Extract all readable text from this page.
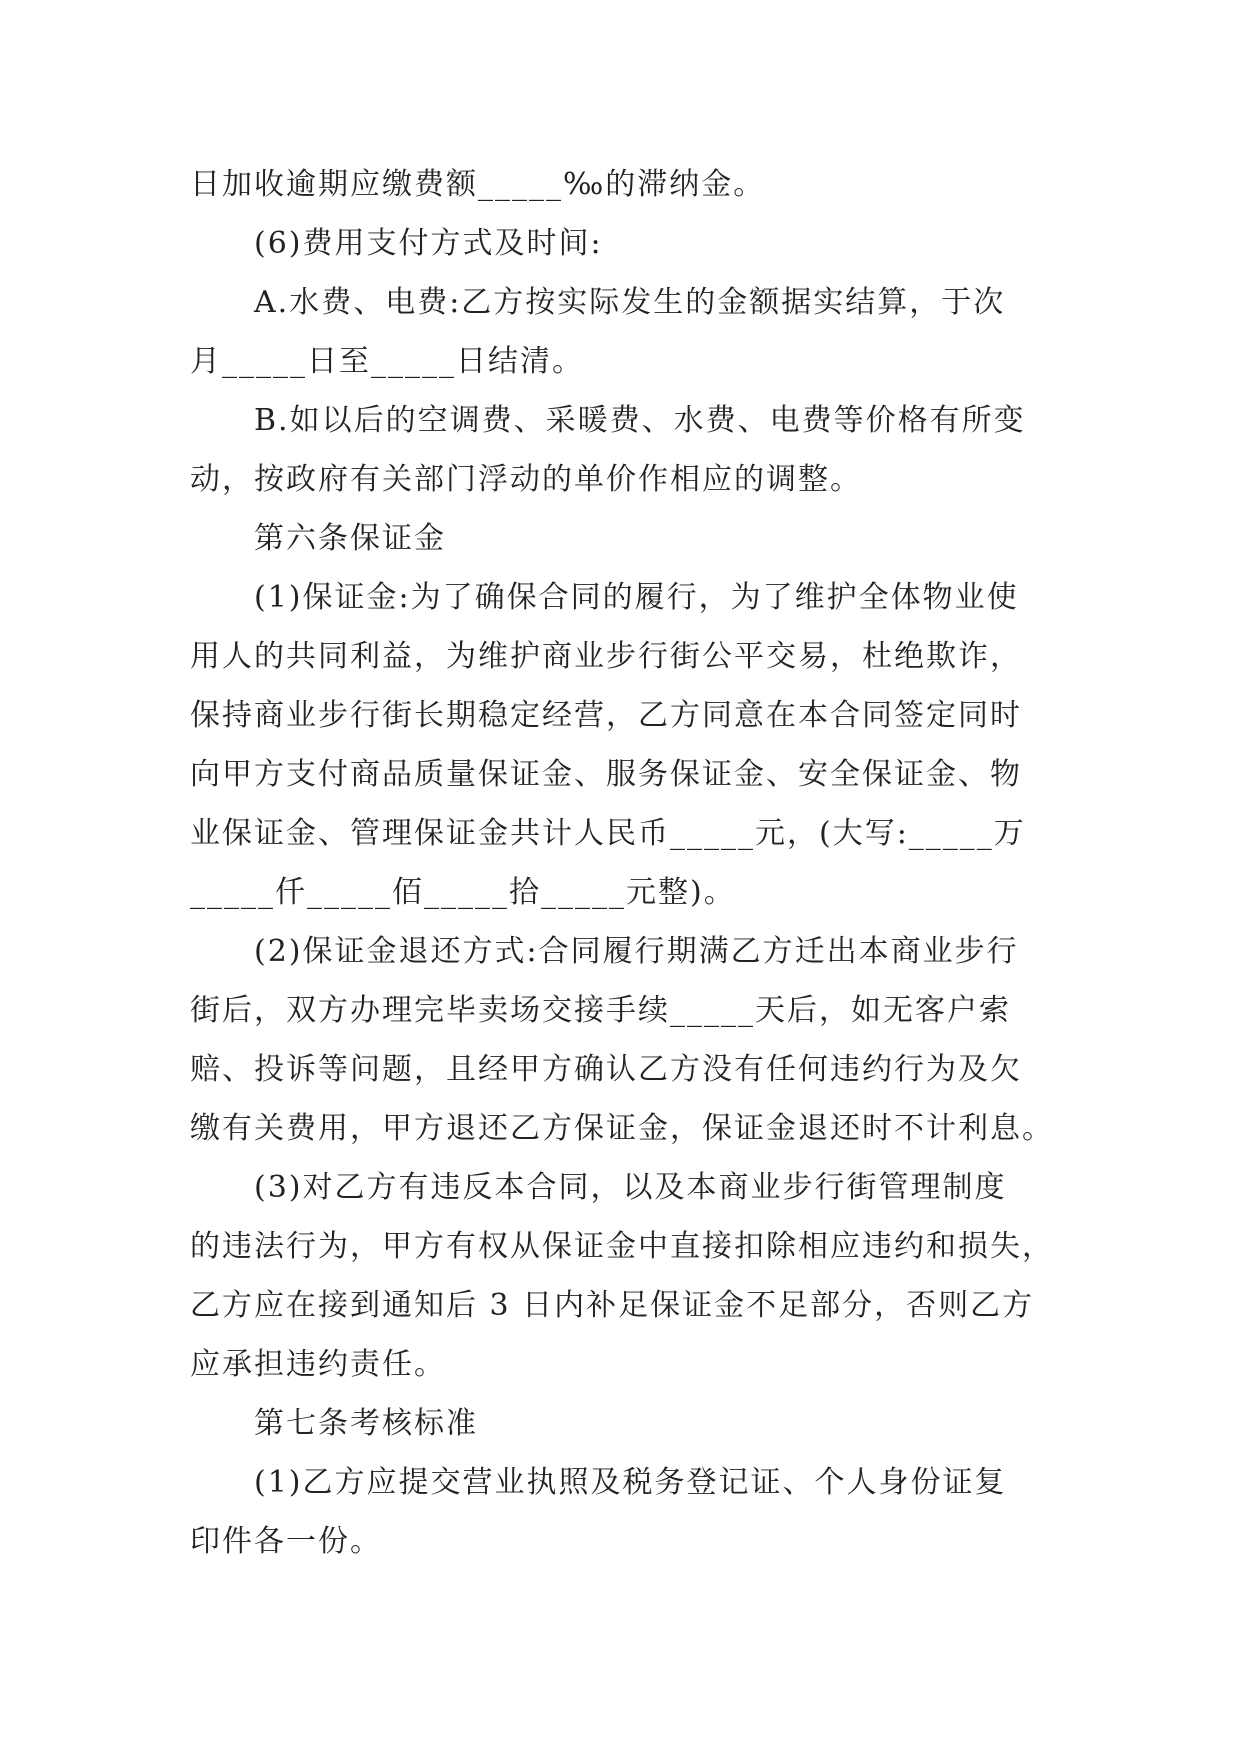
日加收逾期应缴费额_____‰的滞纳金。
(6)费用支付方式及时间:
A.水费、电费:乙方按实际发生的金额据实结算，于次
月_____日至_____日结清。
B.如以后的空调费、采暖费、水费、电费等价格有所变
动，按政府有关部门浮动的单价作相应的调整。
第六条保证金
(1)保证金:为了确保合同的履行，为了维护全体物业使
用人的共同利益，为维护商业步行街公平交易，杜绝欺诈，
保持商业步行街长期稳定经营，乙方同意在本合同签定同时
向甲方支付商品质量保证金、服务保证金、安全保证金、物
业保证金、管理保证金共计人民币_____元，(大写:_____万
_____仟_____佰_____拾_____元整)。
(2)保证金退还方式:合同履行期满乙方迁出本商业步行
街后，双方办理完毕卖场交接手续_____天后，如无客户索
赔、投诉等问题，且经甲方确认乙方没有任何违约行为及欠
缴有关费用，甲方退还乙方保证金，保证金退还时不计利息。
(3)对乙方有违反本合同，以及本商业步行街管理制度
的违法行为，甲方有权从保证金中直接扣除相应违约和损失，
乙方应在接到通知后 3 日内补足保证金不足部分，否则乙方
应承担违约责任。
第七条考核标准
(1)乙方应提交营业执照及税务登记证、个人身份证复
印件各一份。
